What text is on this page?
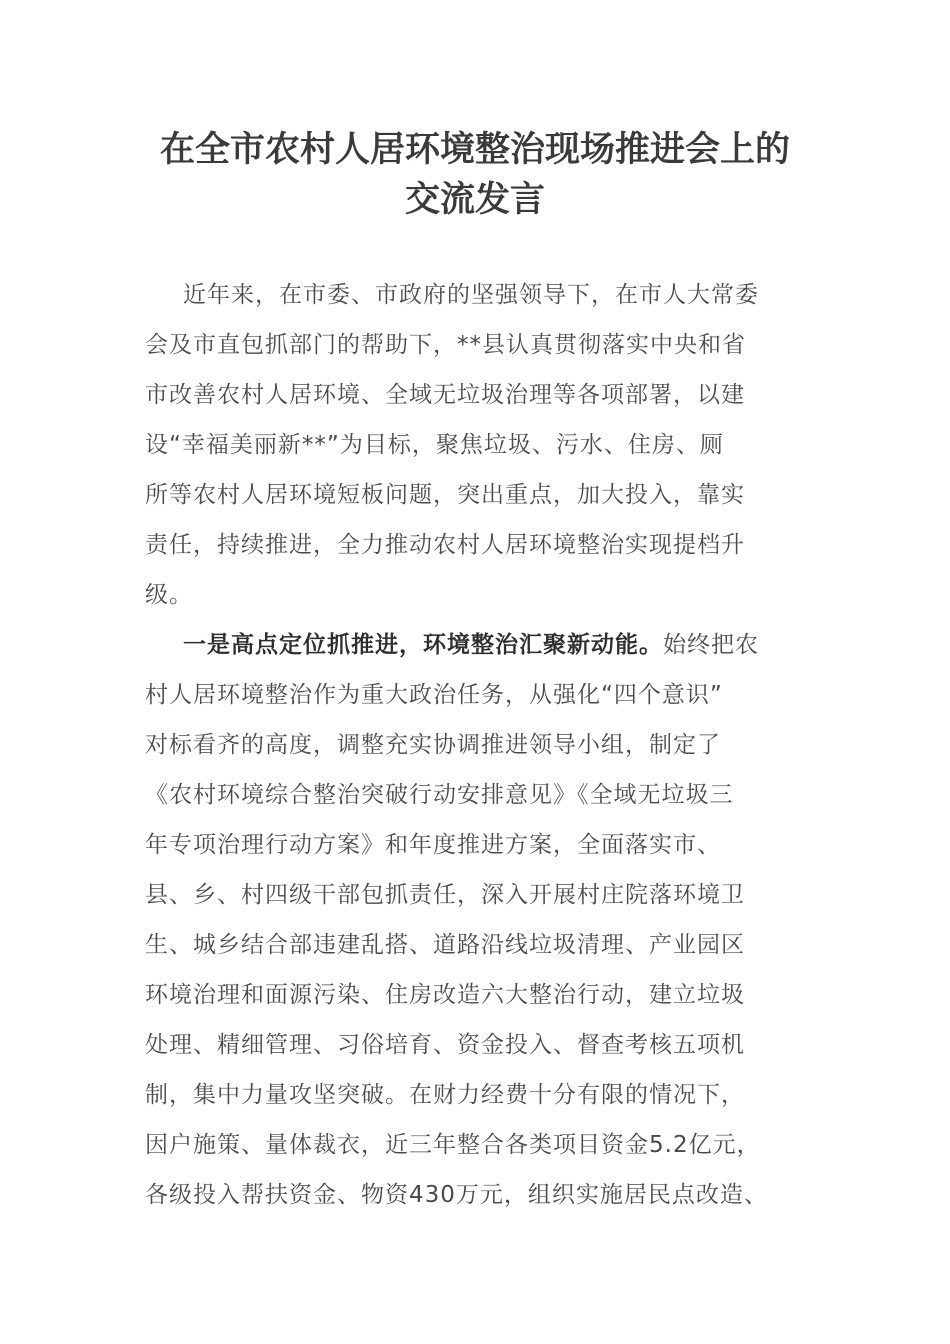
在全市农村人居环境整治现场推进会上的
交流发言

近年来，在市委、市政府的坚强领导下，在市人大常委

会及市直包抓部门的帮助下，**县认真贯彻落实中央和省

市改善农村人居环境、全域无垃圾治理等各项部署，以建

设“幸福美丽新**”为目标，聚焦垃圾、污水、住房、厕

所等农村人居环境短板问题，突出重点，加大投入，靠实

责任，持续推进，全力推动农村人居环境整治实现提档升

级。

一是高点定位抓推进，环境整治汇聚新动能。始终把农

村人居环境整治作为重大政治任务，从强化“四个意识”

对标看齐的高度，调整充实协调推进领导小组，制定了

《农村环境综合整治突破行动安排意见》《全域无垃圾三

年专项治理行动方案》和年度推进方案，全面落实市、

县、乡、村四级干部包抓责任，深入开展村庄院落环境卫

生、城乡结合部违建乱搭、道路沿线垃圾清理、产业园区

环境治理和面源污染、住房改造六大整治行动，建立垃圾

处理、精细管理、习俗培育、资金投入、督查考核五项机

制，集中力量攻坚突破。在财力经费十分有限的情况下，

因户施策、量体裁衣，近三年整合各类项目资金5.2亿元，

各级投入帮扶资金、物资430万元，组织实施居民点改造、
